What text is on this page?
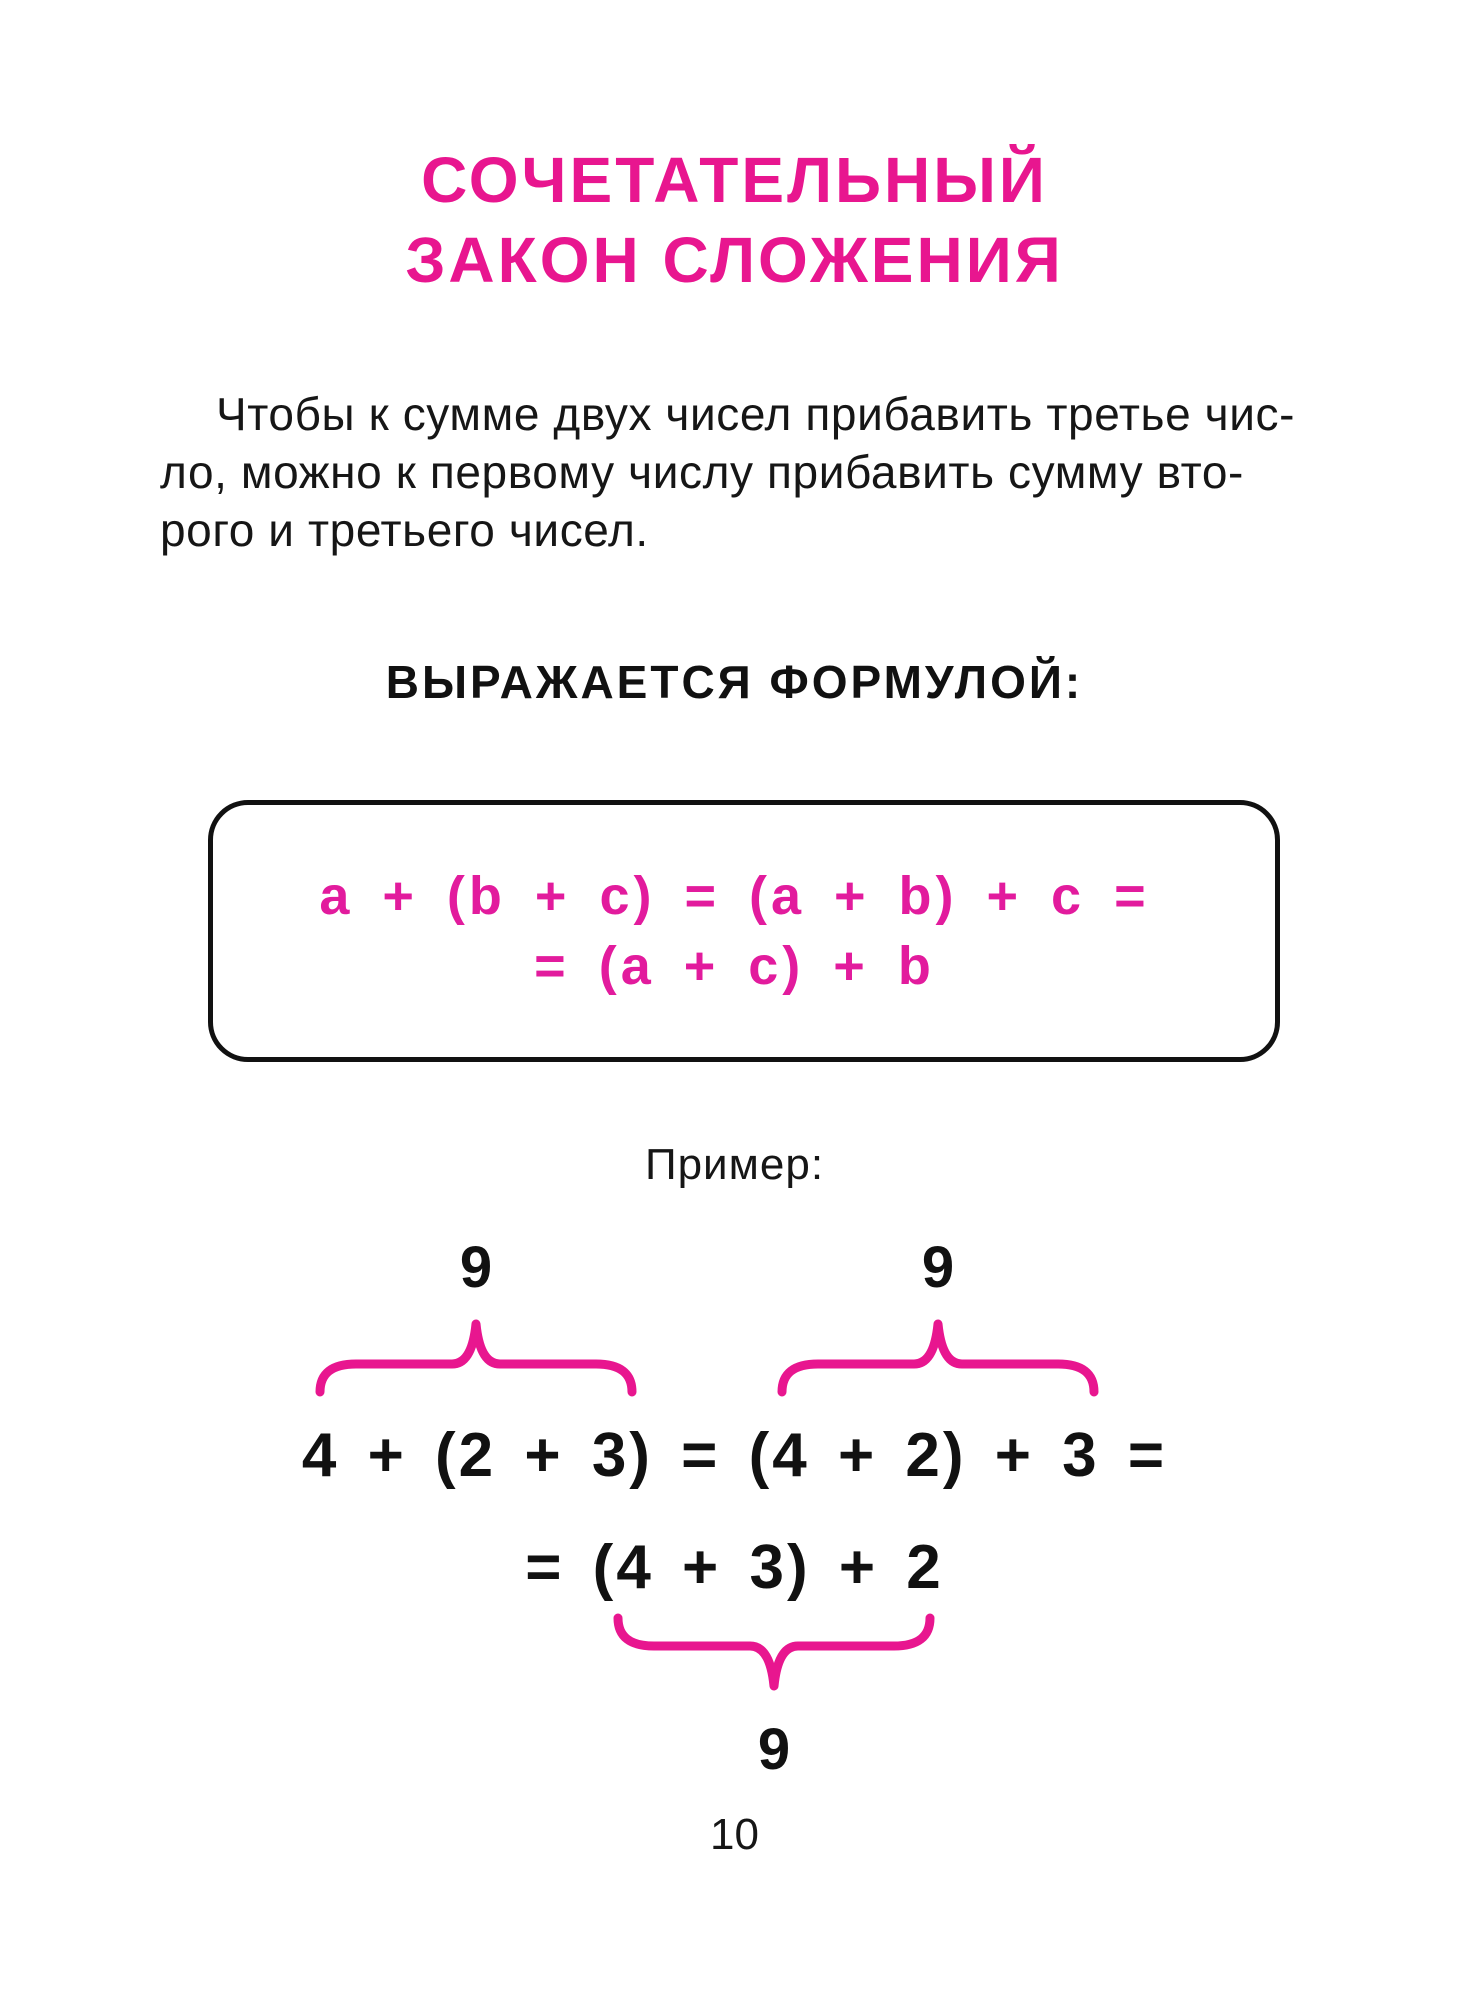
СОЧЕТАТЕЛЬНЫЙ
ЗАКОН СЛОЖЕНИЯ

Чтобы к сумме двух чисел прибавить третье чис-

ло, можно к первому числу прибавить сумму вто-

рого и третьего чисел.

ВЫРАЖАЕТСЯ ФОРМУЛОЙ:
a + (b + c) = (a + b) + c =
= (a + c) + b
Пример:
9	9
4 + (2 + 3) = (4 + 2) + 3 =
= (4 + 3) + 2
9
10
